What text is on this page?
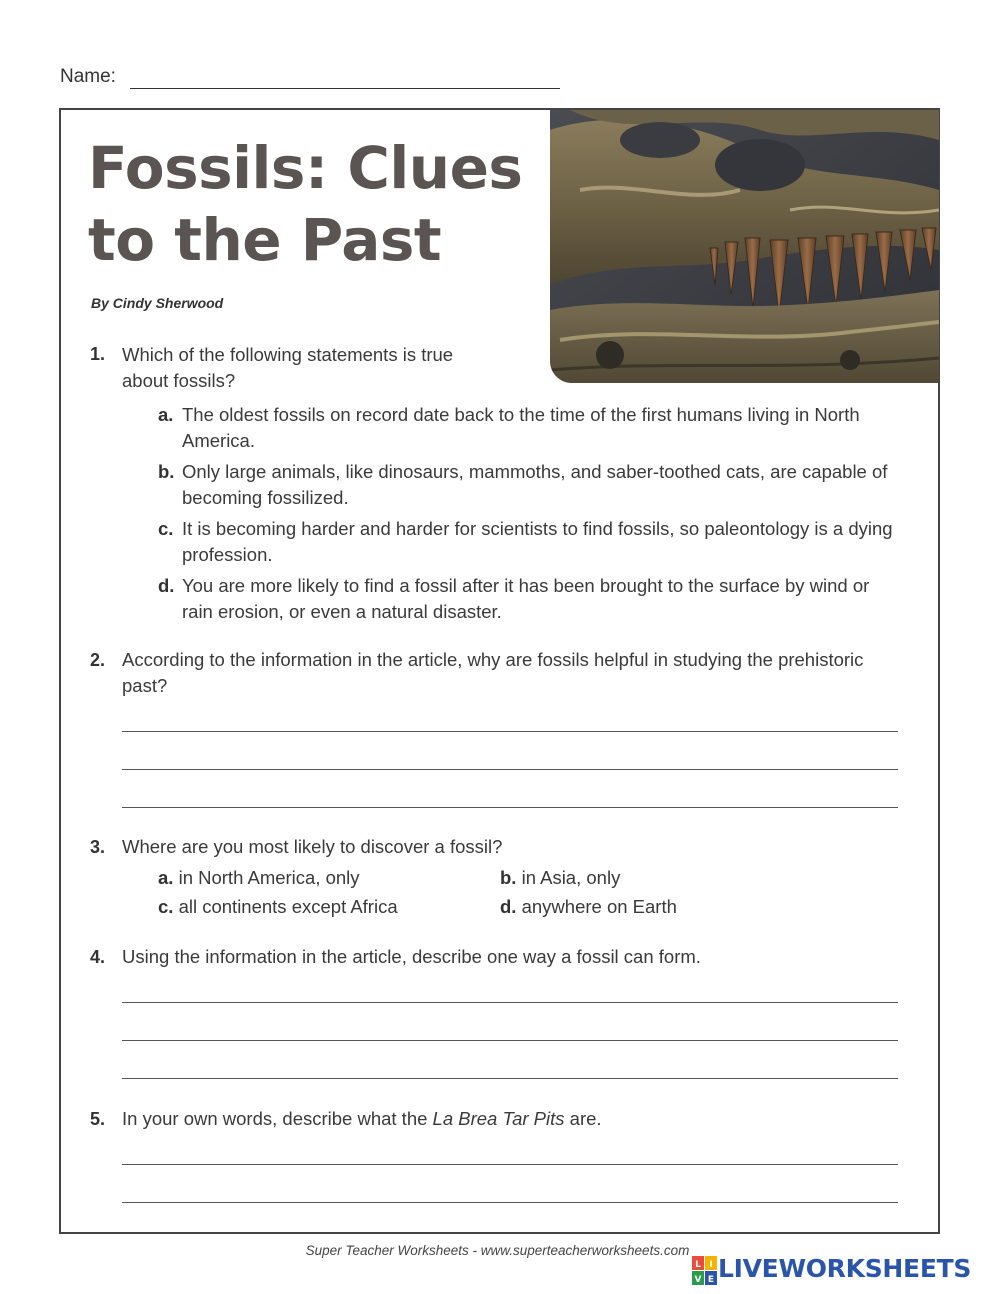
Name:
Fossils: Clues
to the Past
By Cindy Sherwood
1. Which of the following statements is true
about fossils?
a. The oldest fossils on record date back to the time of the first humans living in North America.
b. Only large animals, like dinosaurs, mammoths, and saber-toothed cats, are capable of becoming fossilized.
c. It is becoming harder and harder for scientists to find fossils, so paleontology is a dying profession.
d. You are more likely to find a fossil after it has been brought to the surface by wind or rain erosion, or even a natural disaster.
2. According to the information in the article, why are fossils helpful in studying the prehistoric past?
3. Where are you most likely to discover a fossil?
a. in North America, only	b. in Asia, only
c. all continents except Africa	d. anywhere on Earth
4. Using the information in the article, describe one way a fossil can form.
5. In your own words, describe what the La Brea Tar Pits are.
Super Teacher Worksheets - www.superteacherworksheets.com
L I
V E LIVEWORKSHEETS
